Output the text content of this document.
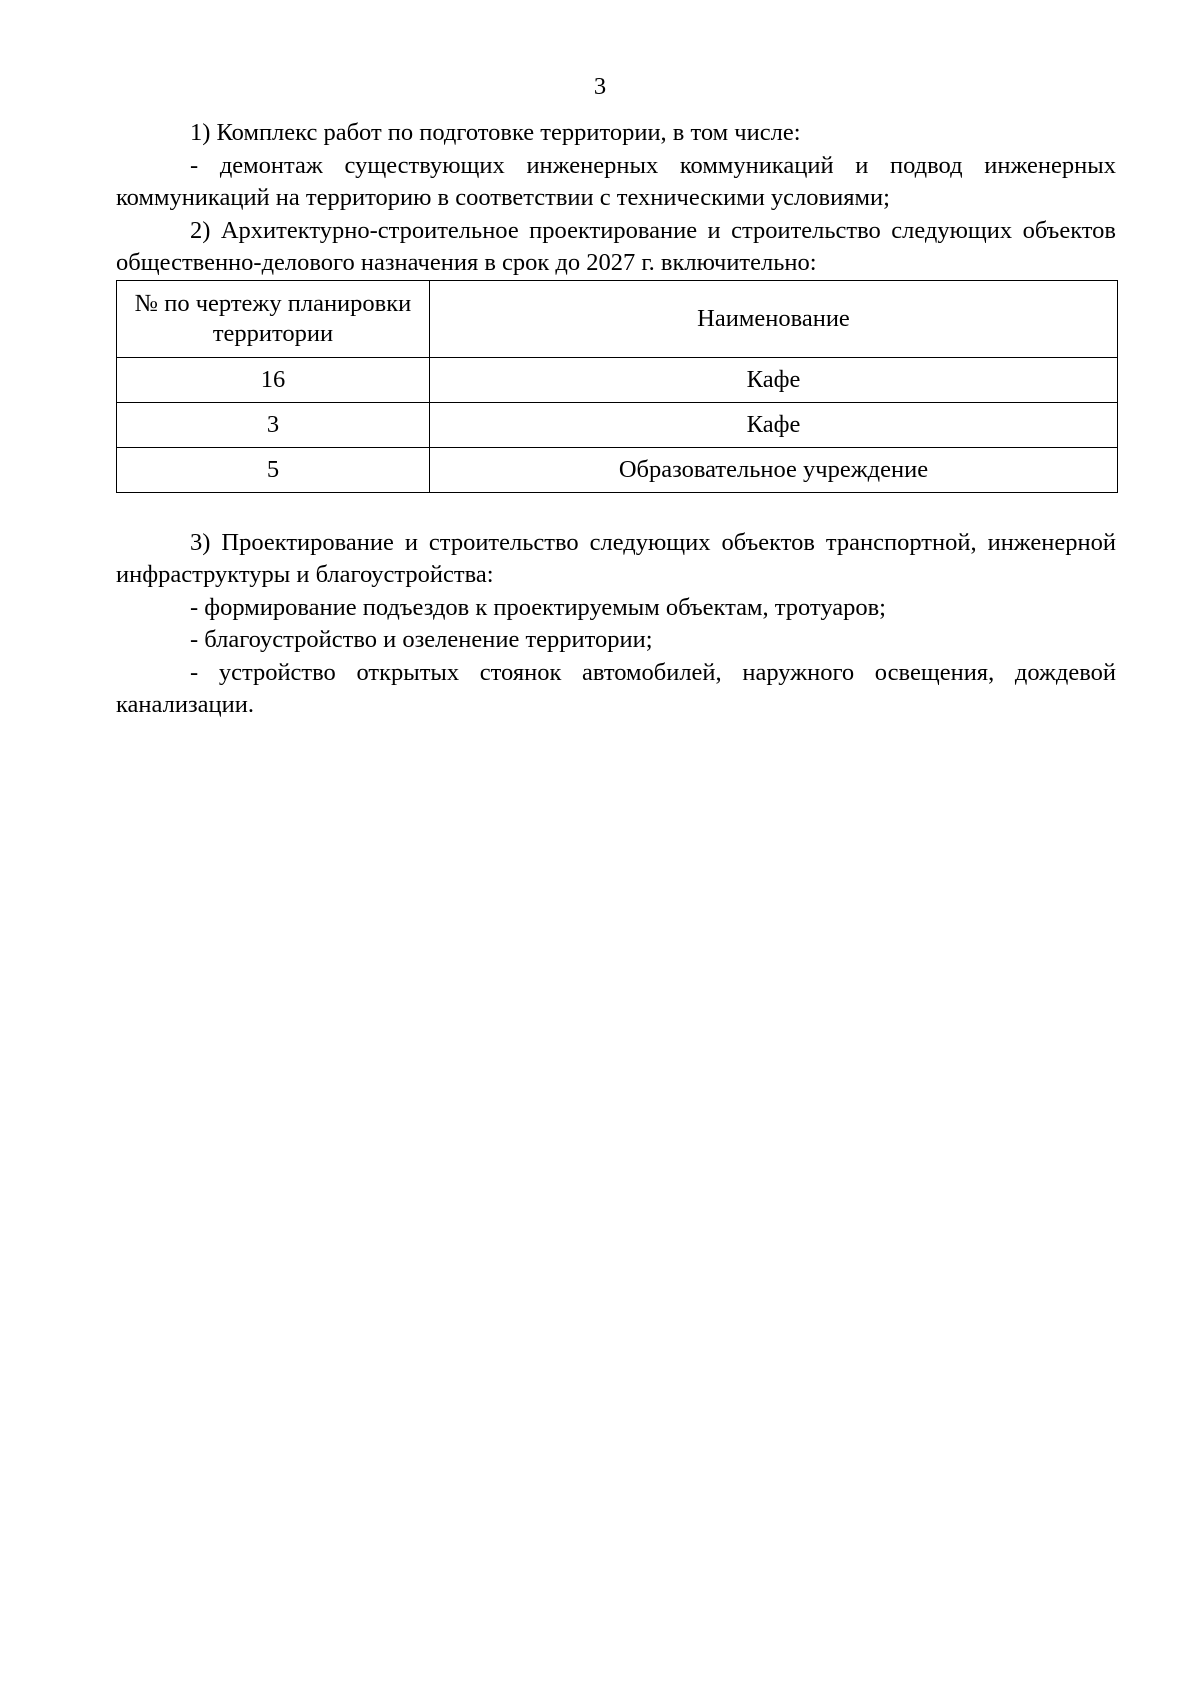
3

1) Комплекс работ по подготовке территории, в том числе:

- демонтаж существующих инженерных коммуникаций и подвод инженерных коммуникаций на территорию в соответствии с техническими условиями;

2) Архитектурно-строительное проектирование и строительство следующих объектов общественно-делового назначения в срок до 2027 г. включительно:

№ по чертежу планировки территории	Наименование
16	Кафе
3	Кафе
5	Образовательное учреждение

3) Проектирование и строительство следующих объектов транспортной, инженерной инфраструктуры и благоустройства:

- формирование подъездов к проектируемым объектам, тротуаров;

- благоустройство и озеленение территории;

- устройство открытых стоянок автомобилей, наружного освещения, дождевой канализации.
